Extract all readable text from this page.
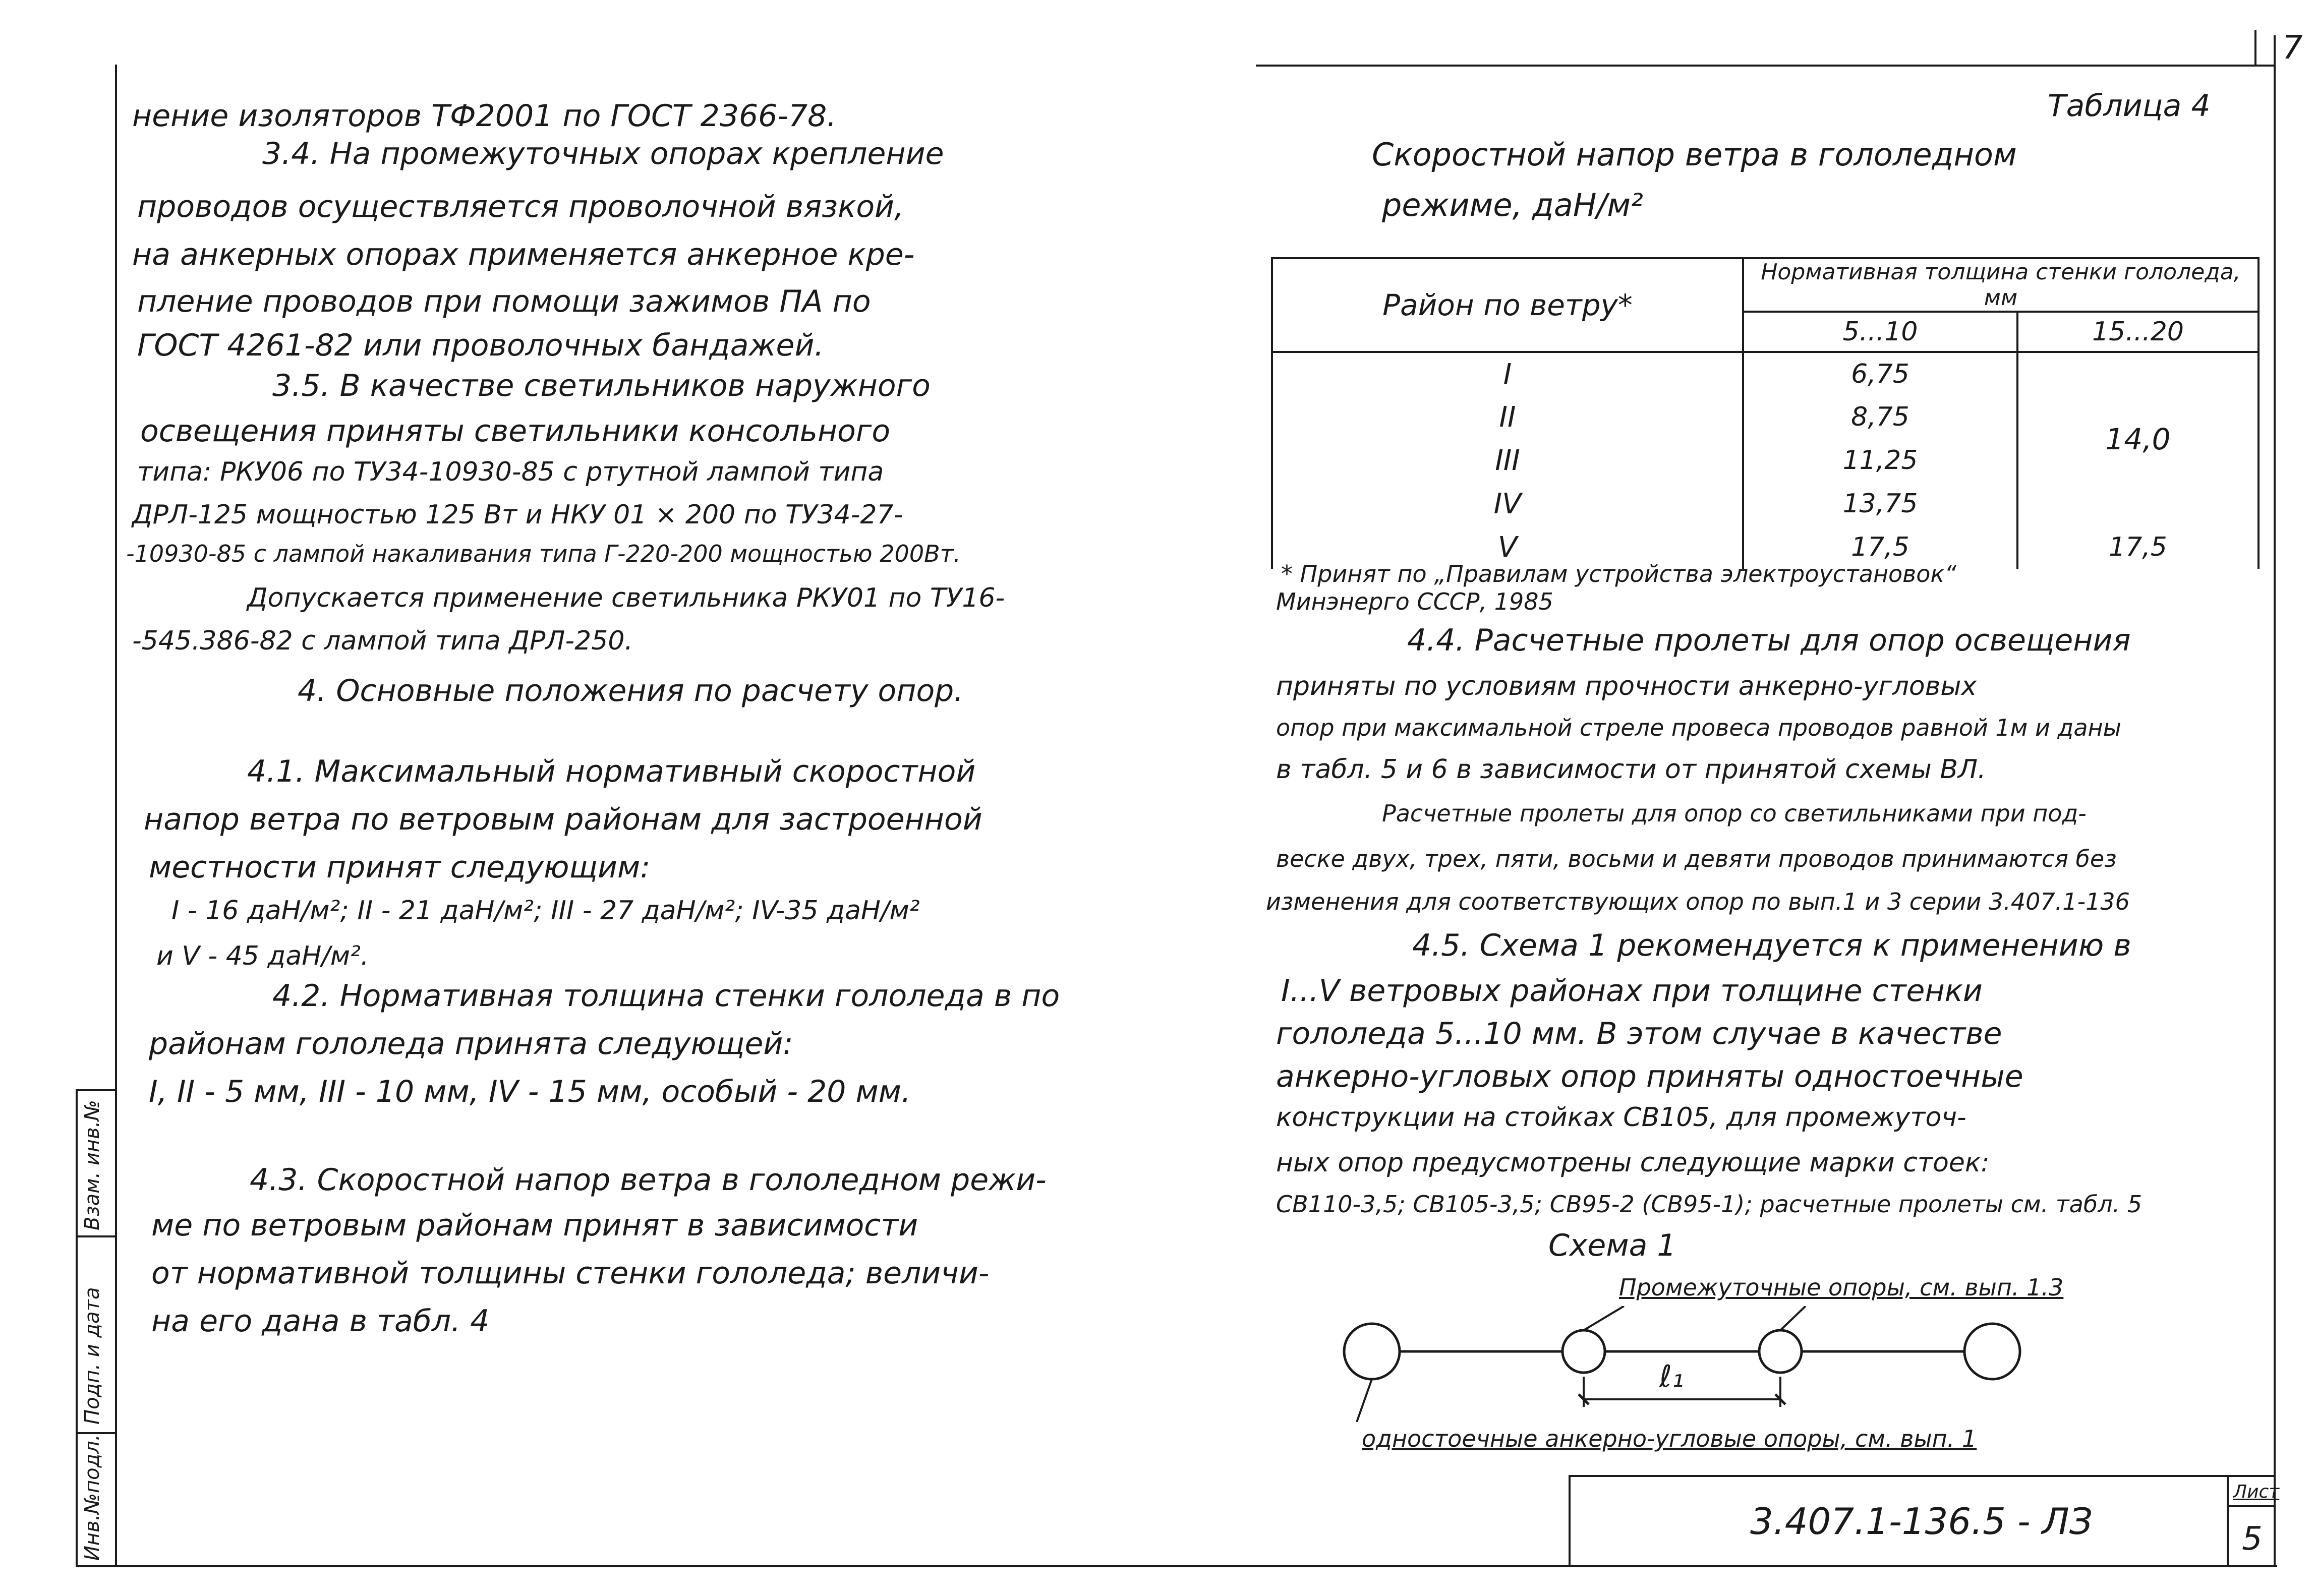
Инв.№подл.
Подп. и дата
Взам. инв.№
7
нение изоляторов ТФ2001 по ГОСТ 2366-78.
3.4. На промежуточных опорах крепление
проводов осуществляется проволочной вязкой,
на анкерных опорах применяется анкерное кре-
пление проводов при помощи зажимов ПА по
ГОСТ 4261-82 или проволочных бандажей.
3.5. В качестве светильников наружного
освещения приняты светильники консольного
типа: РКУ06 по ТУ34-10930-85 с ртутной лампой типа
ДРЛ-125 мощностью 125 Вт и НКУ 01 × 200 по ТУ34-27-
-10930-85 с лампой накаливания типа Г-220-200 мощностью 200Вт.
Допускается применение светильника РКУ01 по ТУ16-
-545.386-82 с лампой типа ДРЛ-250.
4. Основные положения по расчету опор.
4.1. Максимальный нормативный скоростной
напор ветра по ветровым районам для застроенной
местности принят следующим:
I - 16 даН/м²; II - 21 даН/м²; III - 27 даН/м²; IV-35 даН/м²
и V - 45 даН/м².
4.2. Нормативная толщина стенки гололеда в по
районам гололеда принята следующей:
I, II - 5 мм, III - 10 мм, IV - 15 мм, особый - 20 мм.
4.3. Скоростной напор ветра в гололедном режи-
ме по ветровым районам принят в зависимости
от нормативной толщины стенки гололеда; величи-
на его дана в табл. 4
Таблица 4
Скоростной напор ветра в гололедном
режиме, даН/м²
Район по ветру*	Нормативная толщина стенки гололеда, мм	
	5...10	15...20
I	6,75	14,0
II	8,75	
III	11,25	
IV	13,75	
V	17,5	17,5
* Принят по „Правилам устройства электроустановок“
Минэнерго СССР, 1985
4.4. Расчетные пролеты для опор освещения
приняты по условиям прочности анкерно-угловых
опор при максимальной стреле провеса проводов равной 1м и даны
в табл. 5 и 6 в зависимости от принятой схемы ВЛ.
Расчетные пролеты для опор со светильниками при под-
веске двух, трех, пяти, восьми и девяти проводов принимаются без
изменения для соответствующих опор по вып.1 и 3 серии 3.407.1-136
4.5. Схема 1 рекомендуется к применению в
I...V ветровых районах при толщине стенки
гололеда 5...10 мм. В этом случае в качестве
анкерно-угловых опор приняты одностоечные
конструкции на стойках СВ105, для промежуточ-
ных опор предусмотрены следующие марки стоек:
СВ110-3,5; СВ105-3,5; СВ95-2 (СВ95-1); расчетные пролеты см. табл. 5
Схема 1
Промежуточные опоры, см. вып. 1.3
ℓ₁
одностоечные анкерно-угловые опоры, см. вып. 1
3.407.1-136.5 - ЛЗ
Лист
5
